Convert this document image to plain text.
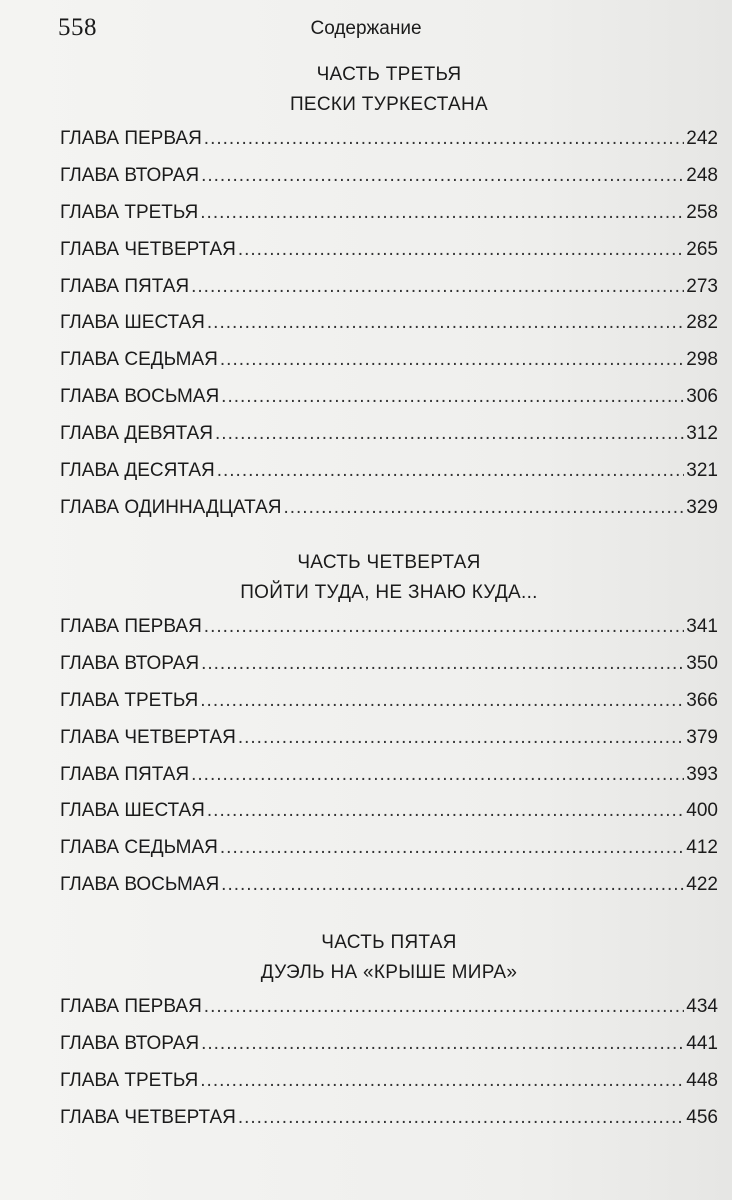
558	Содержание
ЧАСТЬ ТРЕТЬЯ
ПЕСКИ ТУРКЕСТАНА
ГЛАВА ПЕРВАЯ .....	242
ГЛАВА ВТОРАЯ .....	248
ГЛАВА ТРЕТЬЯ .....	258
ГЛАВА ЧЕТВЕРТАЯ .....	265
ГЛАВА ПЯТАЯ .....	273
ГЛАВА ШЕСТАЯ .....	282
ГЛАВА СЕДЬМАЯ .....	298
ГЛАВА ВОСЬМАЯ .....	306
ГЛАВА ДЕВЯТАЯ .....	312
ГЛАВА ДЕСЯТАЯ .....	321
ГЛАВА ОДИННАДЦАТАЯ .....	329
ЧАСТЬ ЧЕТВЕРТАЯ
ПОЙТИ ТУДА, НЕ ЗНАЮ КУДА...
ГЛАВА ПЕРВАЯ .....	341
ГЛАВА ВТОРАЯ .....	350
ГЛАВА ТРЕТЬЯ .....	366
ГЛАВА ЧЕТВЕРТАЯ .....	379
ГЛАВА ПЯТАЯ .....	393
ГЛАВА ШЕСТАЯ .....	400
ГЛАВА СЕДЬМАЯ .....	412
ГЛАВА ВОСЬМАЯ .....	422
ЧАСТЬ ПЯТАЯ
ДУЭЛЬ НА «КРЫШЕ МИРА»
ГЛАВА ПЕРВАЯ .....	434
ГЛАВА ВТОРАЯ .....	441
ГЛАВА ТРЕТЬЯ .....	448
ГЛАВА ЧЕТВЕРТАЯ .....	456
